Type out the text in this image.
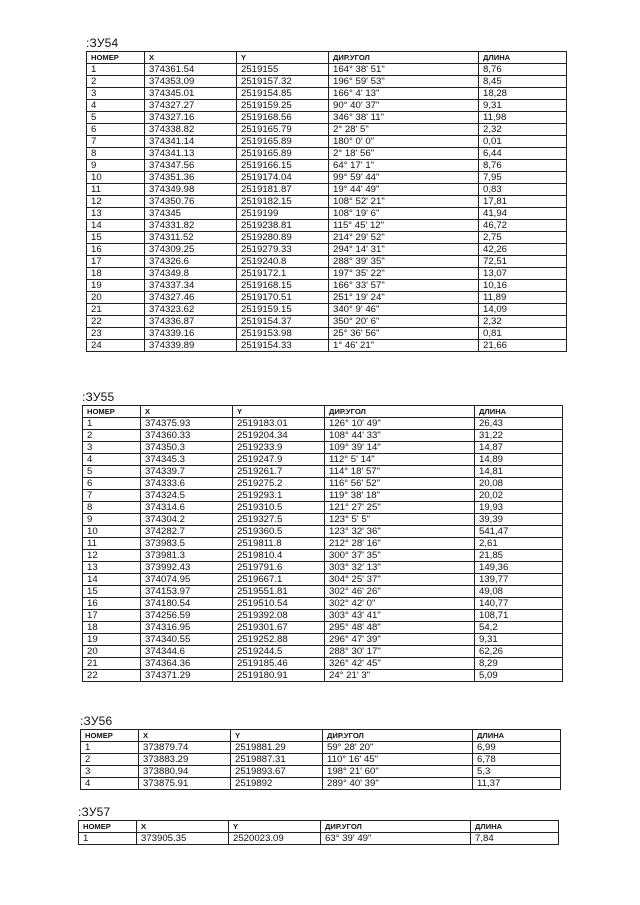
:ЗУ54
НОМЕР	X	Y	ДИР.УГОЛ	ДЛИНА
1	374361.54	2519155	164° 38' 51"	8,76
2	374353.09	2519157.32	196° 59' 53"	8,45
3	374345.01	2519154.85	166° 4' 13"	18,28
4	374327.27	2519159.25	90° 40' 37"	9,31
5	374327.16	2519168.56	346° 38' 11"	11,98
6	374338.82	2519165.79	2° 28' 5"	2,32
7	374341.14	2519165.89	180° 0' 0"	0,01
8	374341.13	2519165.89	2° 18' 56"	6,44
9	374347.56	2519166.15	64° 17' 1"	8,76
10	374351.36	2519174.04	99° 59' 44"	7,95
11	374349.98	2519181.87	19° 44' 49"	0,83
12	374350.76	2519182.15	108° 52' 21"	17,81
13	374345	2519199	108° 19' 6"	41,94
14	374331.82	2519238.81	115° 45' 12"	46,72
15	374311.52	2519280.89	214° 29' 52"	2,75
16	374309.25	2519279.33	294° 14' 31"	42,26
17	374326.6	2519240.8	288° 39' 35"	72,51
18	374349.8	2519172.1	197° 35' 22"	13,07
19	374337.34	2519168.15	166° 33' 57"	10,16
20	374327.46	2519170.51	251° 19' 24"	11,89
21	374323.62	2519159.15	340° 9' 46"	14,09
22	374336.87	2519154.37	350° 20' 6"	2,32
23	374339.16	2519153.98	25° 36' 56"	0,81
24	374339.89	2519154.33	1° 46' 21"	21,66
:ЗУ55
НОМЕР	X	Y	ДИР.УГОЛ	ДЛИНА
1	374375.93	2519183.01	126° 10' 49"	26,43
2	374360.33	2519204.34	108° 44' 33"	31,22
3	374350.3	2519233.9	109° 39' 14"	14,87
4	374345.3	2519247.9	112° 5' 14"	14,89
5	374339.7	2519261.7	114° 18' 57"	14,81
6	374333.6	2519275.2	116° 56' 52"	20,08
7	374324.5	2519293.1	119° 38' 18"	20,02
8	374314.6	2519310.5	121° 27' 25"	19,93
9	374304.2	2519327.5	123° 5' 5"	39,39
10	374282.7	2519360.5	123° 32' 36"	541,47
11	373983.5	2519811.8	212° 28' 16"	2,61
12	373981.3	2519810.4	300° 37' 35"	21,85
13	373992.43	2519791.6	303° 32' 13"	149,36
14	374074.95	2519667.1	304° 25' 37"	139,77
15	374153.97	2519551.81	302° 46' 26"	49,08
16	374180.54	2519510.54	302° 42' 0"	140,77
17	374256.59	2519392.08	303° 43' 41"	108,71
18	374316.95	2519301.67	295° 48' 48"	54,2
19	374340.55	2519252.88	296° 47' 39"	9,31
20	374344.6	2519244.5	288° 30' 17"	62,26
21	374364.36	2519185.46	326° 42' 45"	8,29
22	374371.29	2519180.91	24° 21' 3"	5,09
:ЗУ56
НОМЕР	X	Y	ДИР.УГОЛ	ДЛИНА
1	373879.74	2519881.29	59° 28' 20"	6,99
2	373883.29	2519887.31	110° 16' 45"	6,78
3	373880.94	2519893.67	198° 21' 60"	5,3
4	373875.91	2519892	289° 40' 39"	11,37
:ЗУ57
НОМЕР	X	Y	ДИР.УГОЛ	ДЛИНА
1	373905.35	2520023.09	63° 39' 49"	7,84
